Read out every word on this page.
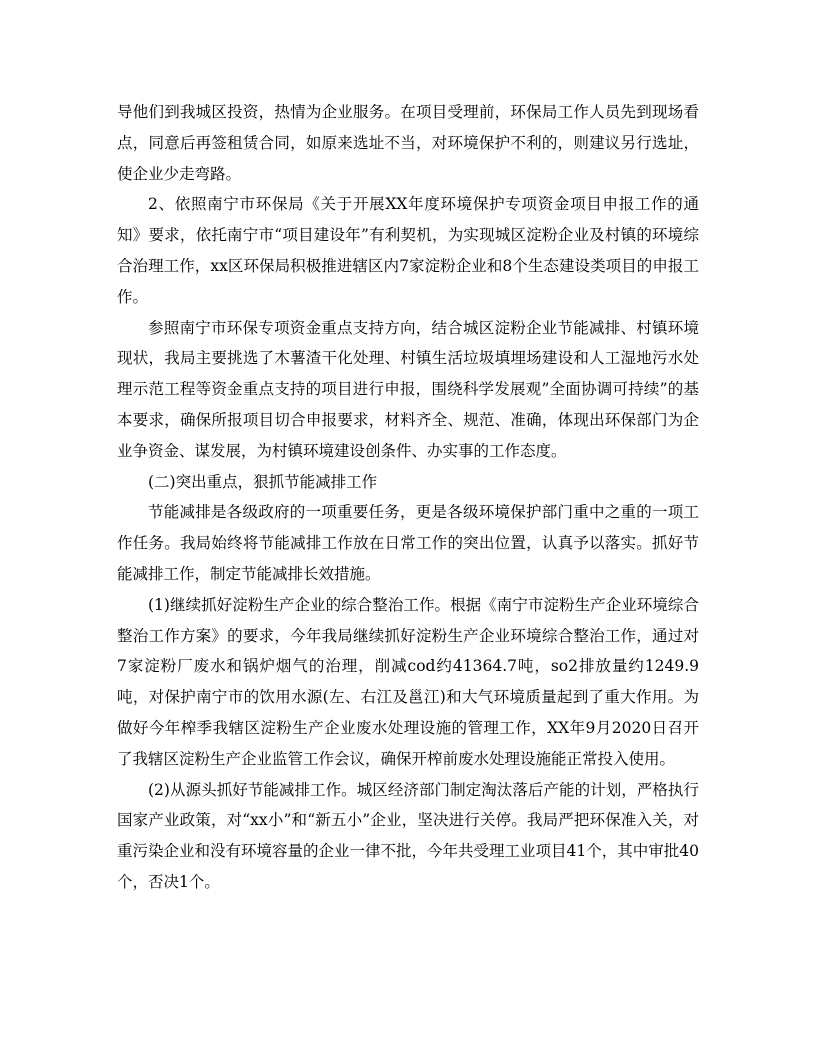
导他们到我城区投资，热情为企业服务。在项目受理前，环保局工作人员先到现场看点，同意后再签租赁合同，如原来选址不当，对环境保护不利的，则建议另行选址，使企业少走弯路。

2、依照南宁市环保局《关于开展XX年度环境保护专项资金项目申报工作的通知》要求，依托南宁市“项目建设年”有利契机，为实现城区淀粉企业及村镇的环境综合治理工作，xx区环保局积极推进辖区内7家淀粉企业和8个生态建设类项目的申报工作。

参照南宁市环保专项资金重点支持方向，结合城区淀粉企业节能减排、村镇环境现状，我局主要挑选了木薯渣干化处理、村镇生活垃圾填埋场建设和人工湿地污水处理示范工程等资金重点支持的项目进行申报，围绕科学发展观”全面协调可持续”的基本要求，确保所报项目切合申报要求，材料齐全、规范、准确，体现出环保部门为企业争资金、谋发展，为村镇环境建设创条件、办实事的工作态度。

(二)突出重点，狠抓节能减排工作

节能减排是各级政府的一项重要任务，更是各级环境保护部门重中之重的一项工作任务。我局始终将节能减排工作放在日常工作的突出位置，认真予以落实。抓好节能减排工作，制定节能减排长效措施。

(1)继续抓好淀粉生产企业的综合整治工作。根据《南宁市淀粉生产企业环境综合整治工作方案》的要求，今年我局继续抓好淀粉生产企业环境综合整治工作，通过对7家淀粉厂废水和锅炉烟气的治理，削减cod约41364.7吨，so2排放量约1249.9吨，对保护南宁市的饮用水源(左、右江及邕江)和大气环境质量起到了重大作用。为做好今年榨季我辖区淀粉生产企业废水处理设施的管理工作，XX年9月2020日召开了我辖区淀粉生产企业监管工作会议，确保开榨前废水处理设施能正常投入使用。

(2)从源头抓好节能减排工作。城区经济部门制定淘汰落后产能的计划，严格执行国家产业政策，对“xx小”和“新五小”企业，坚决进行关停。我局严把环保准入关，对重污染企业和没有环境容量的企业一律不批，今年共受理工业项目41个，其中审批40个，否决1个。
